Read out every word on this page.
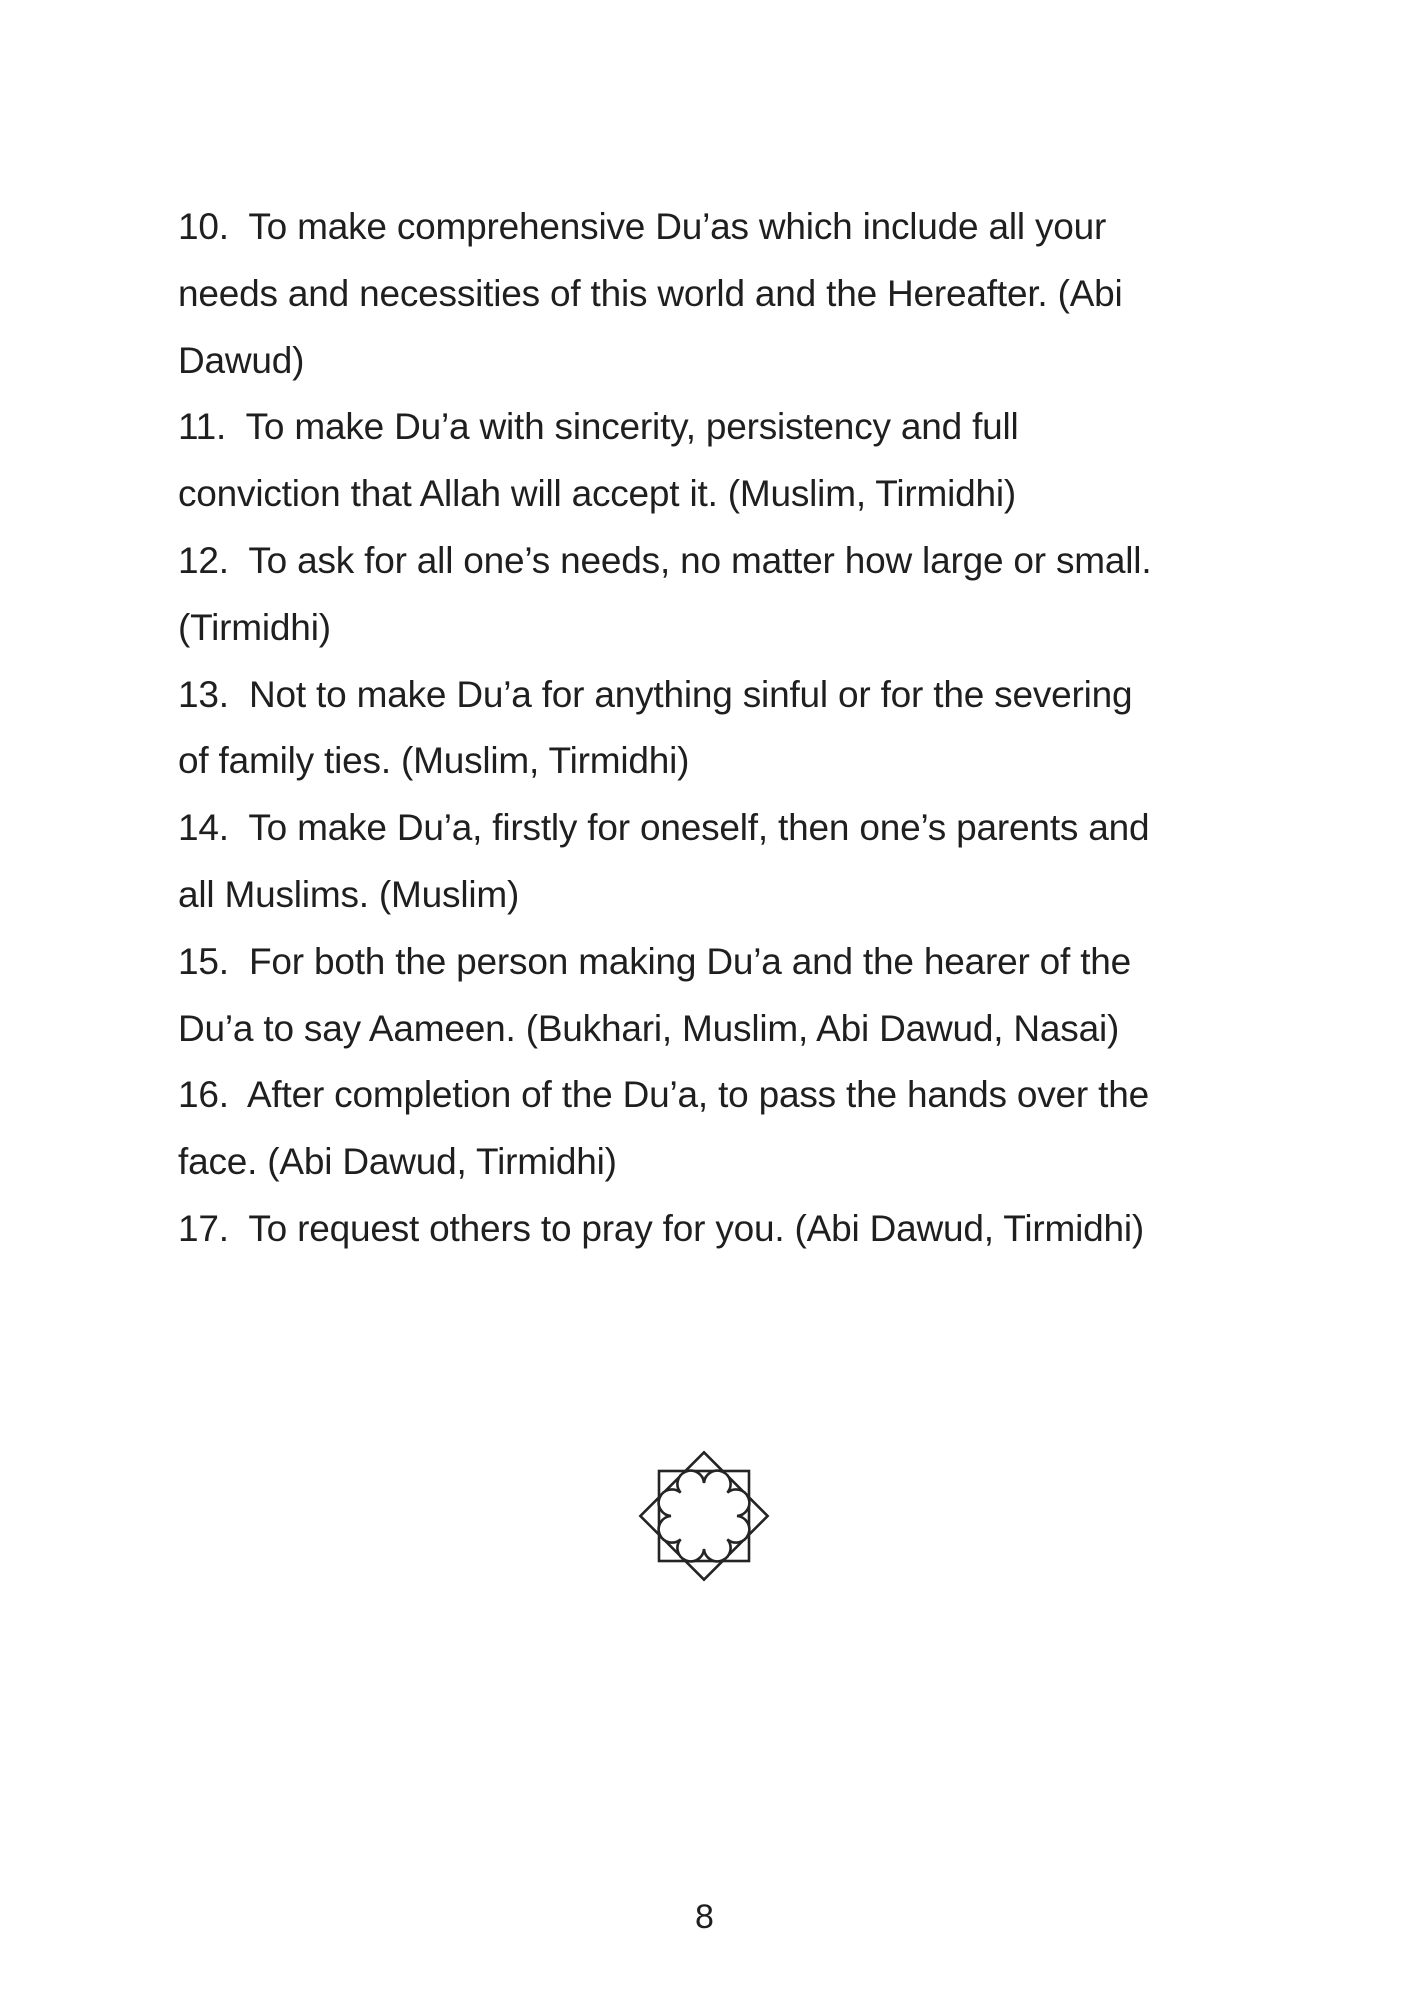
10.  To make comprehensive Du’as which include all your

needs and necessities of this world and the Hereafter. (Abi

Dawud)

11.  To make Du’a with sincerity, persistency and full

conviction that Allah will accept it. (Muslim, Tirmidhi)

12.  To ask for all one’s needs, no matter how large or small.

(Tirmidhi)

13.  Not to make Du’a for anything sinful or for the severing

of family ties. (Muslim, Tirmidhi)

14.  To make Du’a, firstly for oneself, then one’s parents and

all Muslims. (Muslim)

15.  For both the person making Du’a and the hearer of the

Du’a to say Aameen. (Bukhari, Muslim, Abi Dawud, Nasai)

16.  After completion of the Du’a, to pass the hands over the

face. (Abi Dawud, Tirmidhi)

17.  To request others to pray for you. (Abi Dawud, Tirmidhi)

8
